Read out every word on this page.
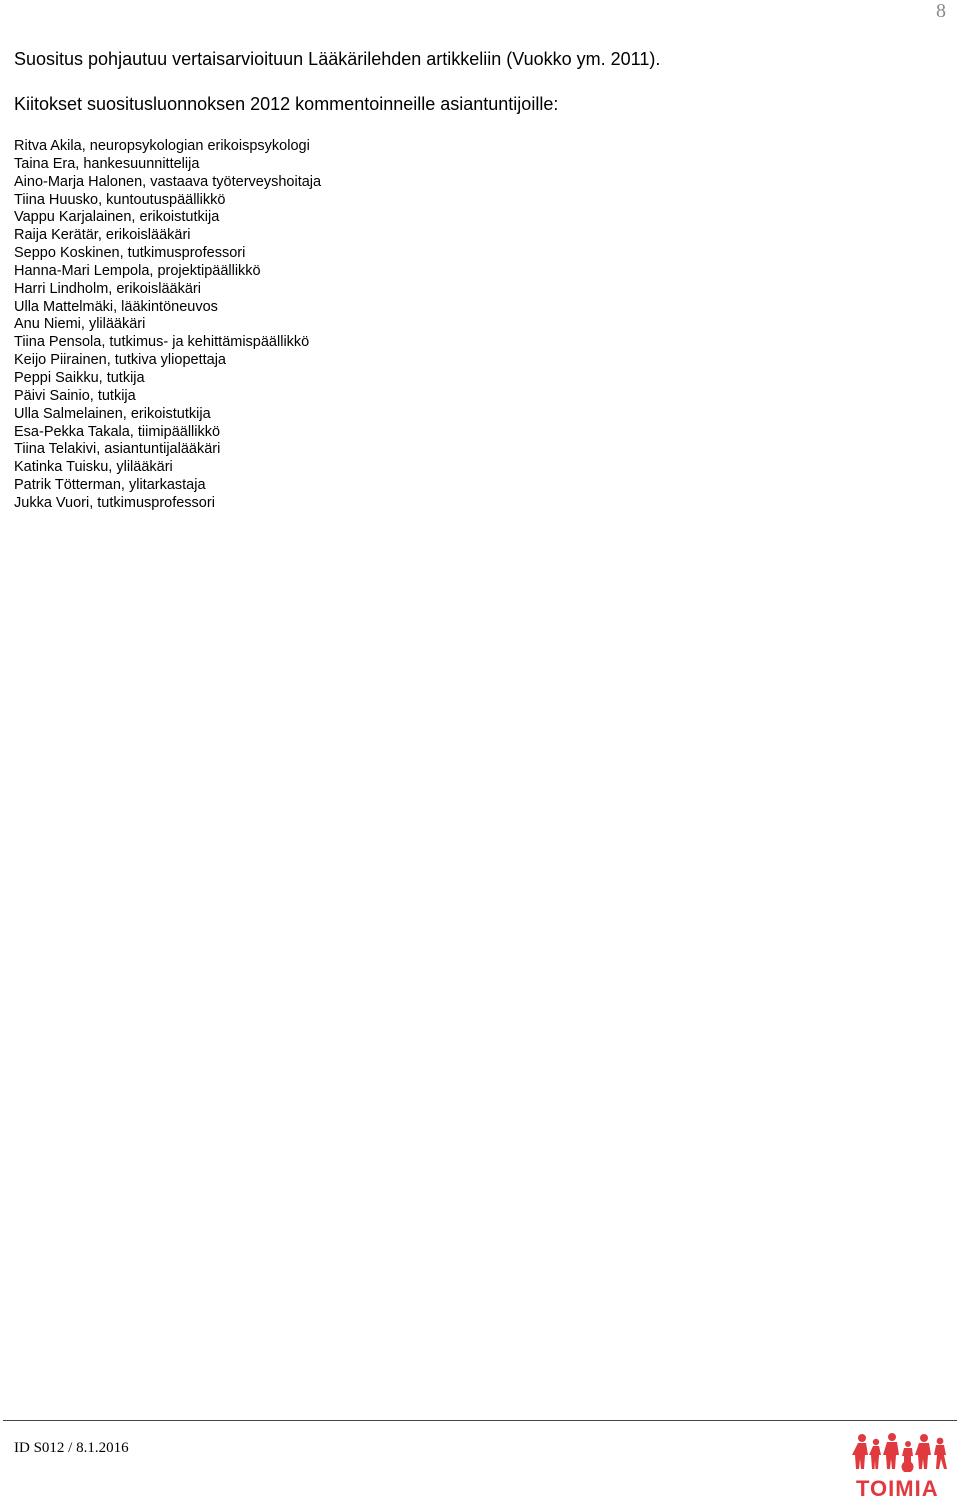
8
Suositus pohjautuu vertaisarvioituun Lääkärilehden artikkeliin (Vuokko ym. 2011).
Kiitokset suositusluonnoksen 2012 kommentoinneille asiantuntijoille:
Ritva Akila, neuropsykologian erikoispsykologi
Taina Era, hankesuunnittelija
Aino-Marja Halonen, vastaava työterveyshoitaja
Tiina Huusko, kuntoutuspäällikkö
Vappu Karjalainen, erikoistutkija
Raija Kerätär, erikoislääkäri
Seppo Koskinen, tutkimusprofessori
Hanna-Mari Lempola, projektipäällikkö
Harri Lindholm, erikoislääkäri
Ulla Mattelmäki, lääkintöneuvos
Anu Niemi, ylilääkäri
Tiina Pensola, tutkimus- ja kehittämispäällikkö
Keijo Piirainen, tutkiva yliopettaja
Peppi Saikku, tutkija
Päivi Sainio, tutkija
Ulla Salmelainen, erikoistutkija
Esa-Pekka Takala, tiimipäällikkö
Tiina Telakivi, asiantuntijalääkäri
Katinka Tuisku, ylilääkäri
Patrik Tötterman, ylitarkastaja
Jukka Vuori, tutkimusprofessori
ID S012 / 8.1.2016
TOIMIA
